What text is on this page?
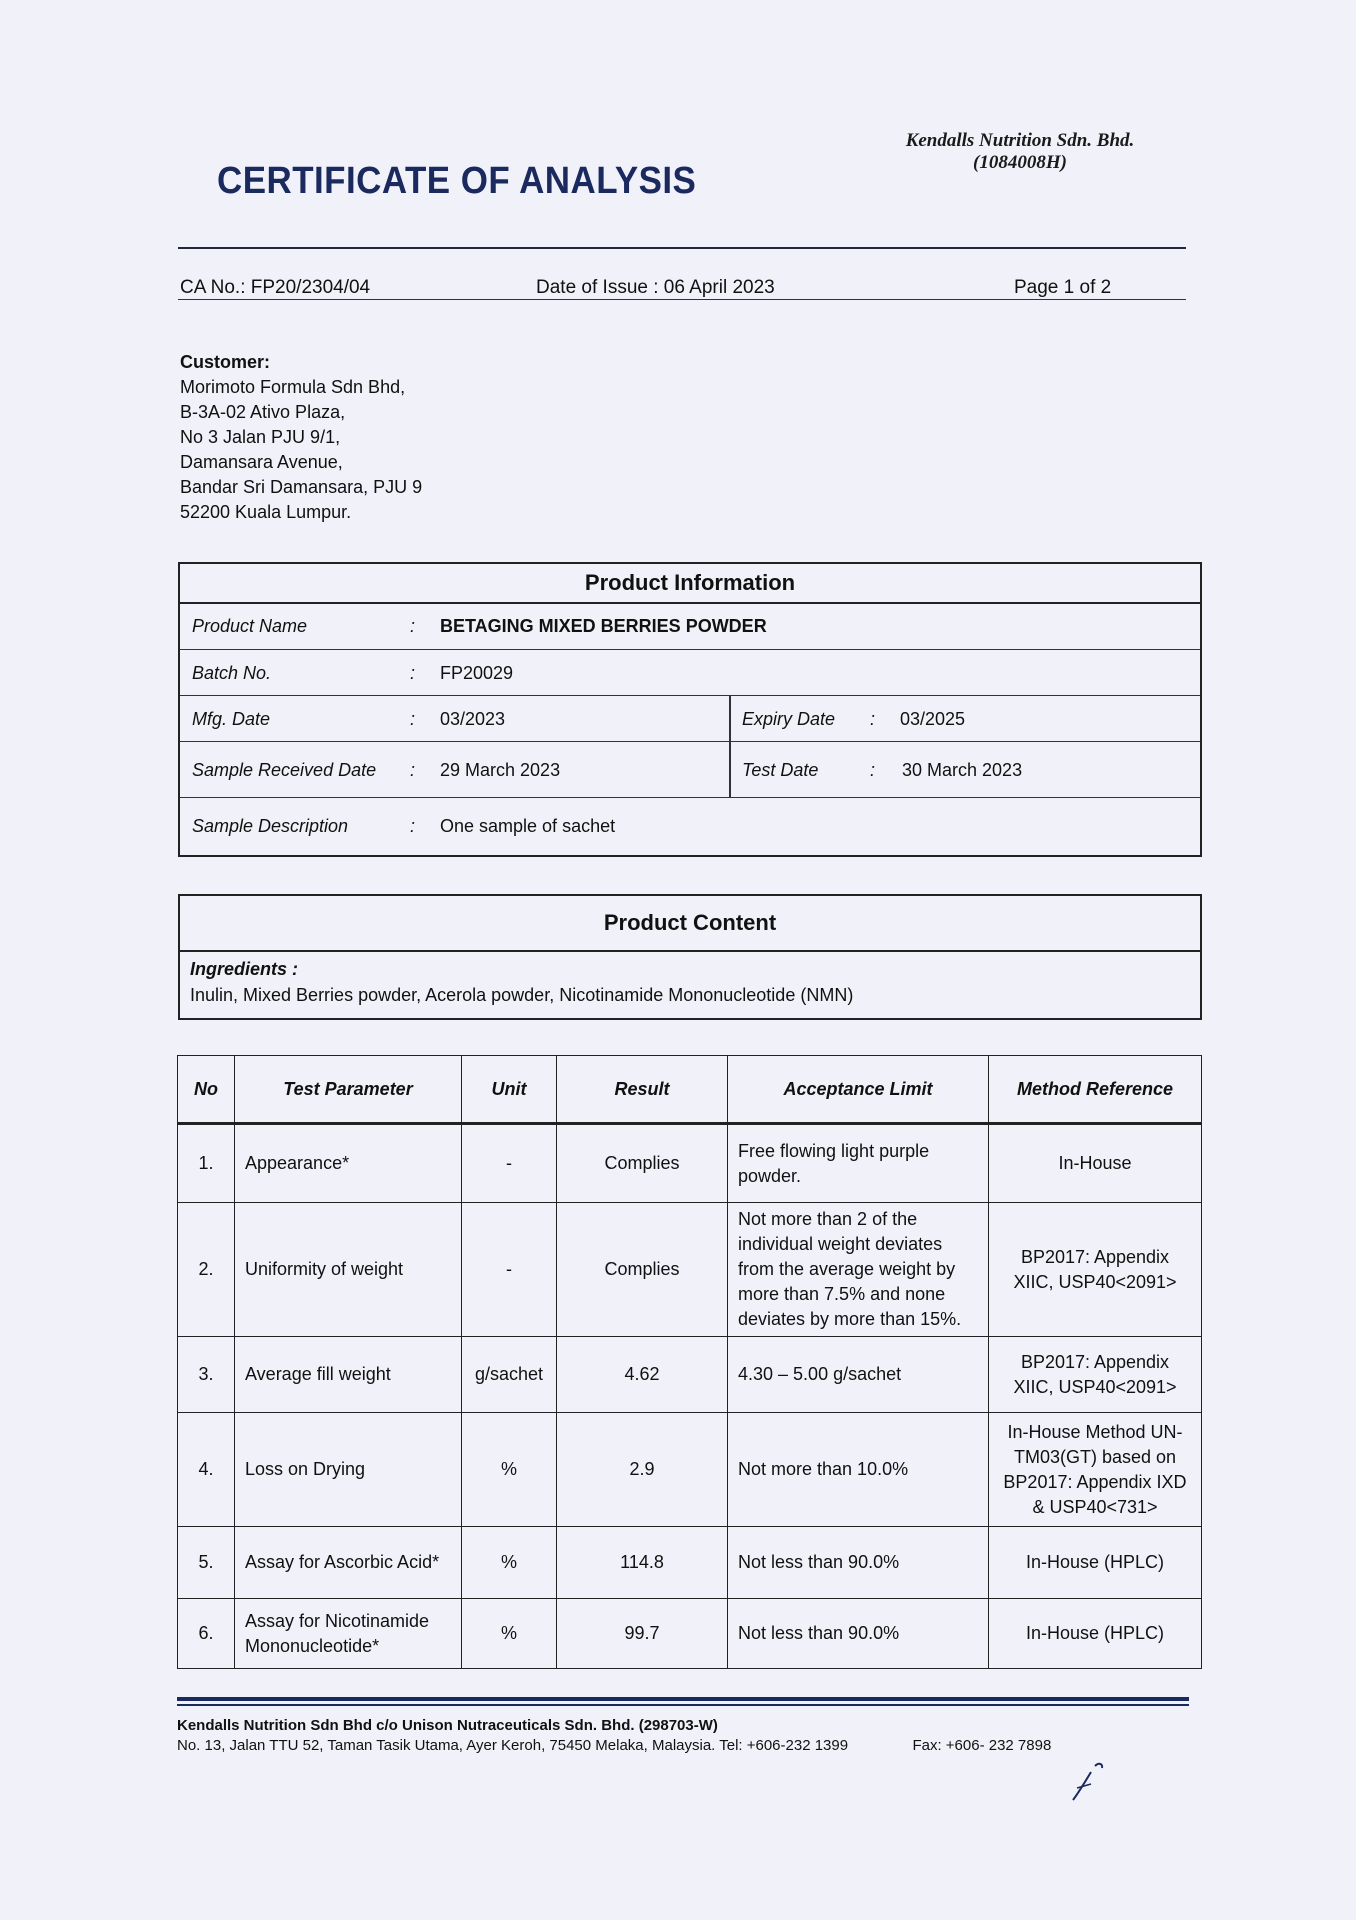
Kendalls Nutrition Sdn. Bhd.
(1084008H)
CERTIFICATE OF ANALYSIS
CA No.: FP20/2304/04	Date of Issue : 06 April 2023	Page 1 of 2
Customer:
Morimoto Formula Sdn Bhd,
B-3A-02 Ativo Plaza,
No 3 Jalan PJU 9/1,
Damansara Avenue,
Bandar Sri Damansara, PJU 9
52200 Kuala Lumpur.
Product Information
Product Name	: BETAGING MIXED BERRIES POWDER
Batch No.	: FP20029
Mfg. Date	: 03/2023	Expiry Date : 03/2025
Sample Received Date : 29 March 2023	Test Date	: 30 March 2023
Sample Description	: One sample of sachet
Product Content
Ingredients :
Inulin, Mixed Berries powder, Acerola powder, Nicotinamide Mononucleotide (NMN)
No	Test Parameter	Unit	Result	Acceptance Limit	Method Reference
1.	Appearance*	-	Complies	Free flowing light purple powder.	In-House
2.	Uniformity of weight	-	Complies	Not more than 2 of the individual weight deviates from the average weight by more than 7.5% and none deviates by more than 15%.	BP2017: Appendix XIIC, USP40<2091>
3.	Average fill weight	g/sachet	4.62	4.30 – 5.00 g/sachet	BP2017: Appendix XIIC, USP40<2091>
4.	Loss on Drying	%	2.9	Not more than 10.0%	In-House Method UN-TM03(GT) based on BP2017: Appendix IXD & USP40<731>
5.	Assay for Ascorbic Acid*	%	114.8	Not less than 90.0%	In-House (HPLC)
6.	Assay for Nicotinamide Mononucleotide*	%	99.7	Not less than 90.0%	In-House (HPLC)
Kendalls Nutrition Sdn Bhd c/o Unison Nutraceuticals Sdn. Bhd. (298703-W)
No. 13, Jalan TTU 52, Taman Tasik Utama, Ayer Keroh, 75450 Melaka, Malaysia. Tel: +606-232 1399	Fax: +606- 232 7898
